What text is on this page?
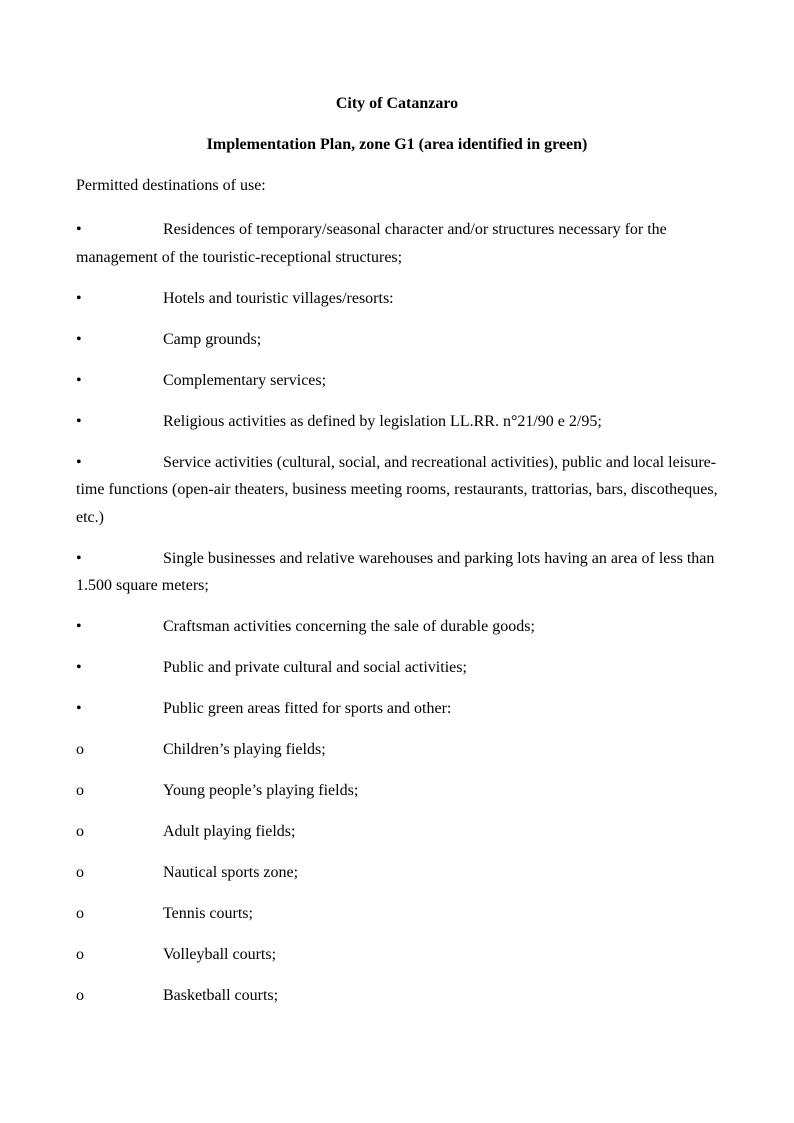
City of Catanzaro

Implementation Plan, zone G1 (area identified in green)

Permitted destinations of use:

•	Residences of temporary/seasonal character and/or structures necessary for the management of the touristic-receptional structures;
•	Hotels and touristic villages/resorts:
•	Camp grounds;
•	Complementary services;
•	Religious activities as defined by legislation LL.RR. n°21/90 e 2/95;
•	Service activities (cultural, social, and recreational activities), public and local leisure-time functions (open-air theaters, business meeting rooms, restaurants, trattorias, bars, discotheques, etc.)
•	Single businesses and relative warehouses and parking lots having an area of less than 1.500 square meters;
•	Craftsman activities concerning the sale of durable goods;
•	Public and private cultural and social activities;
•	Public green areas fitted for sports and other:
o	Children’s playing fields;
o	Young people’s playing fields;
o	Adult playing fields;
o	Nautical sports zone;
o	Tennis courts;
o	Volleyball courts;
o	Basketball courts;
